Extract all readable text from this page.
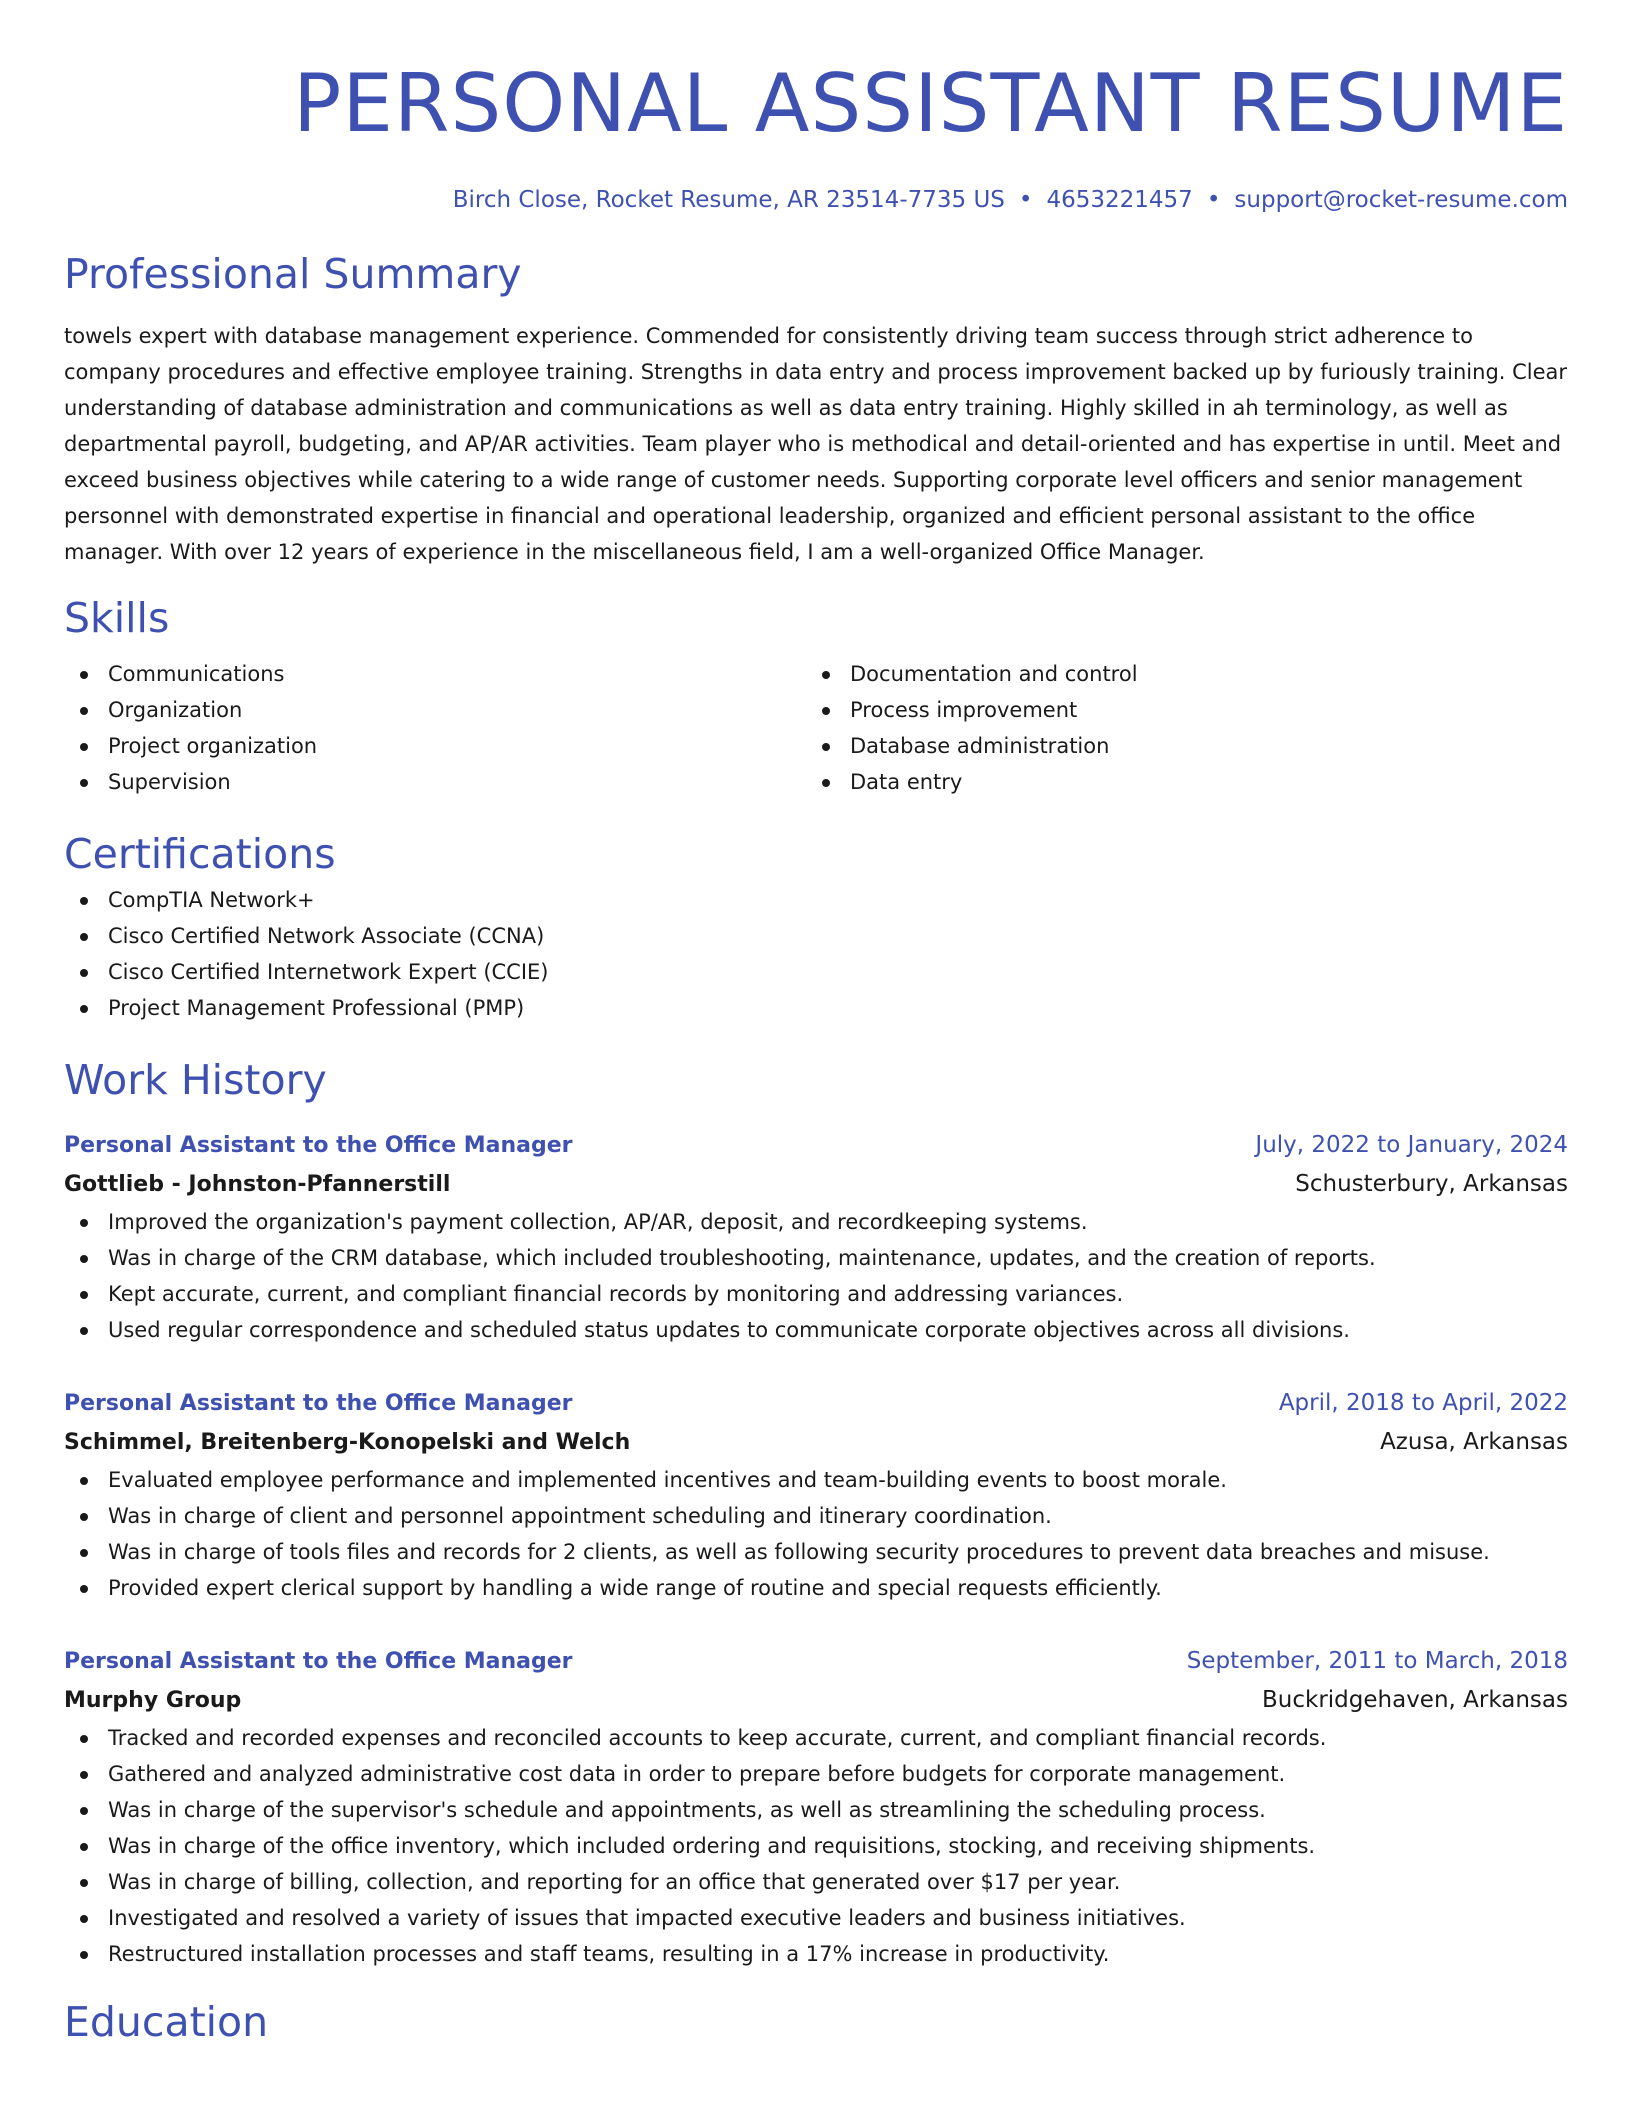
PERSONAL ASSISTANT RESUME
Birch Close, Rocket Resume, AR 23514-7735 US • 4653221457 • support@rocket-resume.com
Professional Summary

towels expert with database management experience. Commended for consistently driving team success through strict adherence to company procedures and effective employee training. Strengths in data entry and process improvement backed up by furiously training. Clear understanding of database administration and communications as well as data entry training. Highly skilled in ah terminology, as well as departmental payroll, budgeting, and AP/AR activities. Team player who is methodical and detail-oriented and has expertise in until. Meet and exceed business objectives while catering to a wide range of customer needs. Supporting corporate level officers and senior management personnel with demonstrated expertise in financial and operational leadership, organized and efficient personal assistant to the office manager. With over 12 years of experience in the miscellaneous field, I am a well-organized Office Manager.

Skills
Communications
Organization
Project organization
Supervision
Documentation and control
Process improvement
Database administration
Data entry
Certifications
CompTIA Network+
Cisco Certified Network Associate (CCNA)
Cisco Certified Internetwork Expert (CCIE)
Project Management Professional (PMP)
Work History
Personal Assistant to the Office Manager	July, 2022 to January, 2024
Gottlieb - Johnston-Pfannerstill	Schusterbury, Arkansas
Improved the organization's payment collection, AP/AR, deposit, and recordkeeping systems.
Was in charge of the CRM database, which included troubleshooting, maintenance, updates, and the creation of reports.
Kept accurate, current, and compliant financial records by monitoring and addressing variances.
Used regular correspondence and scheduled status updates to communicate corporate objectives across all divisions.
Personal Assistant to the Office Manager	April, 2018 to April, 2022
Schimmel, Breitenberg-Konopelski and Welch	Azusa, Arkansas
Evaluated employee performance and implemented incentives and team-building events to boost morale.
Was in charge of client and personnel appointment scheduling and itinerary coordination.
Was in charge of tools files and records for 2 clients, as well as following security procedures to prevent data breaches and misuse.
Provided expert clerical support by handling a wide range of routine and special requests efficiently.
Personal Assistant to the Office Manager	September, 2011 to March, 2018
Murphy Group	Buckridgehaven, Arkansas
Tracked and recorded expenses and reconciled accounts to keep accurate, current, and compliant financial records.
Gathered and analyzed administrative cost data in order to prepare before budgets for corporate management.
Was in charge of the supervisor's schedule and appointments, as well as streamlining the scheduling process.
Was in charge of the office inventory, which included ordering and requisitions, stocking, and receiving shipments.
Was in charge of billing, collection, and reporting for an office that generated over $17 per year.
Investigated and resolved a variety of issues that impacted executive leaders and business initiatives.
Restructured installation processes and staff teams, resulting in a 17% increase in productivity.
Education
